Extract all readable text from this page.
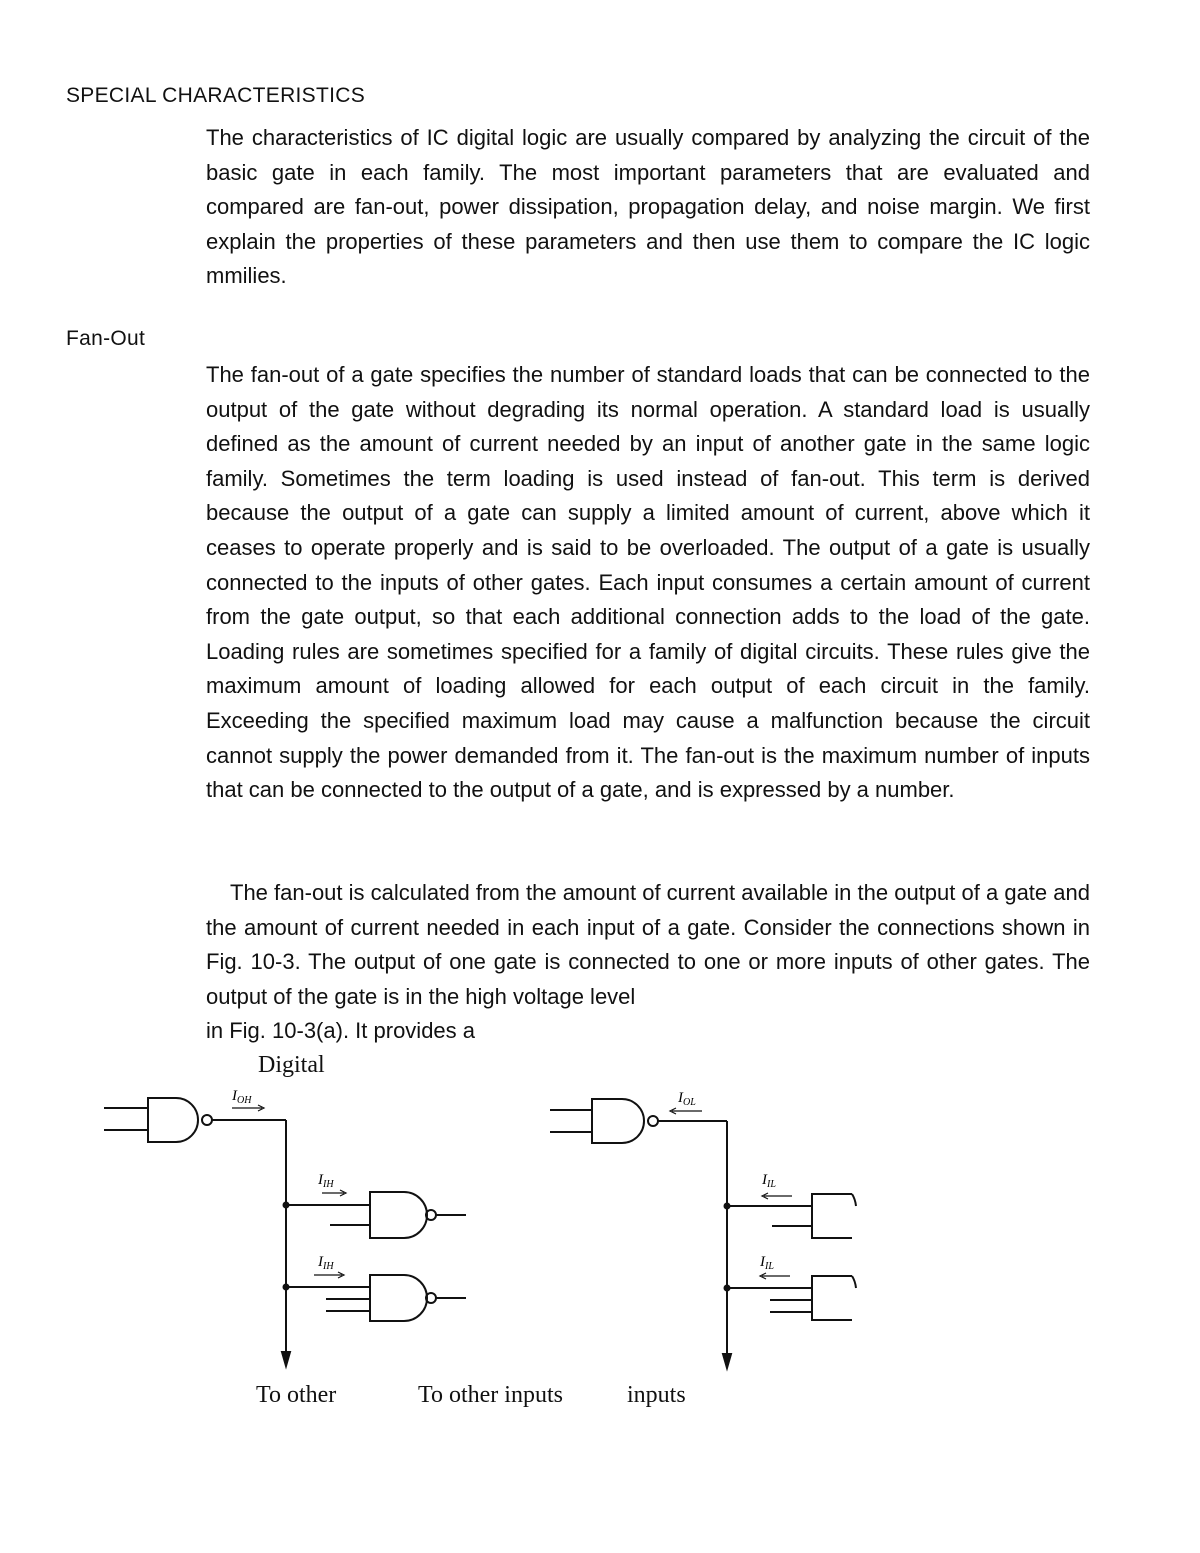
SPECIAL CHARACTERISTICS

The characteristics of IC digital logic are usually compared by analyzing the circuit of the basic gate in each family. The most important parameters that are evaluated and compared are fan-out, power dissipation, propagation delay, and noise margin. We first explain the properties of these parameters and then use them to compare the IC logic mmilies.

Fan-Out

The fan-out of a gate specifies the number of standard loads that can be connected to the output of the gate without degrading its normal operation. A standard load is usually defined as the amount of current needed by an input of another gate in the same logic family. Sometimes the term loading is used instead of fan-out. This term is derived because the output of a gate can supply a limited amount of current, above which it ceases to operate properly and is said to be overloaded. The output of a gate is usually connected to the inputs of other gates. Each input consumes a certain amount of current from the gate output, so that each additional connection adds to the load of the gate. Loading rules are sometimes specified for a family of digital circuits. These rules give the maximum amount of loading allowed for each output of each circuit in the family. Exceeding the specified maximum load may cause a malfunction because the circuit cannot supply the power demanded from it. The fan-out is the maximum number of inputs that can be connected to the output of a gate, and is expressed by a number.

The fan-out is calculated from the amount of current available in the output of a gate and the amount of current needed in each input of a gate. Consider the connections shown in Fig. 10-3. The output of one gate is connected to one or more inputs of other gates. The output of the gate is in the high voltage level

in Fig. 10-3(a). It provides a

Digital
$I_{OH}$
$I_{IH}$
$I_{IH}$
$I_{OL}$
$I_{IL}$
$I_{IL}$
To other	To other inputs	inputs
